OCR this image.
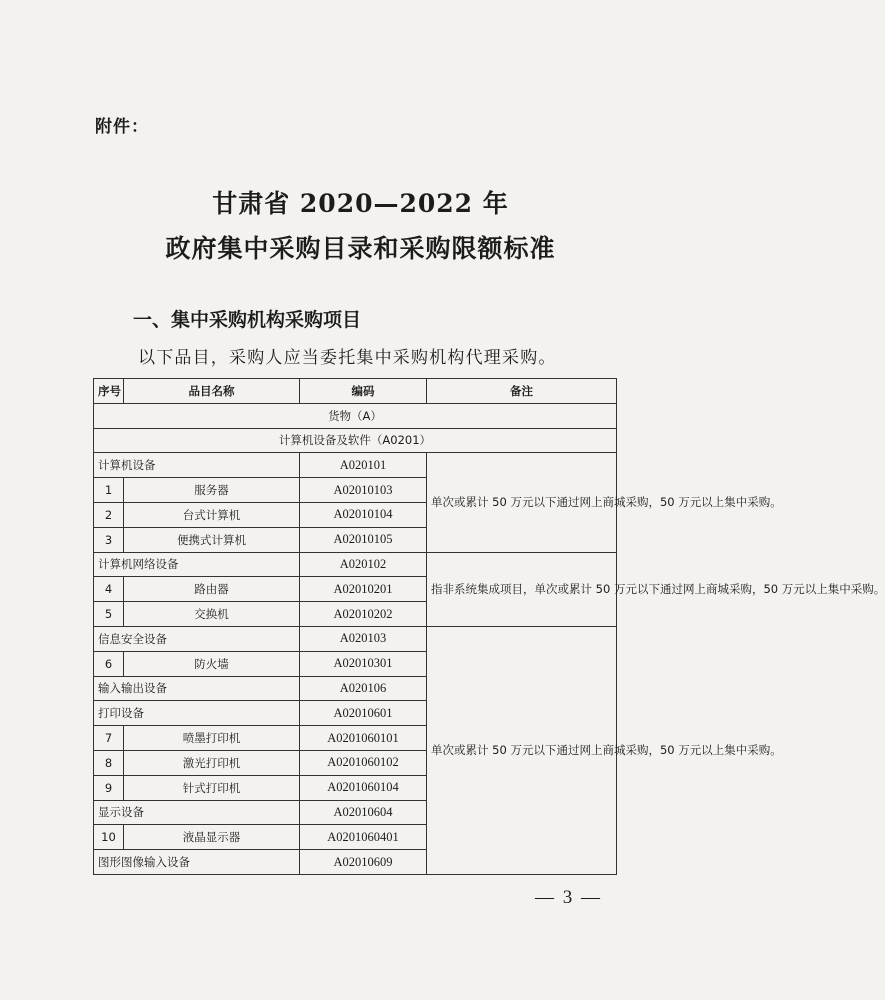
附件：
甘肃省 2020—2022 年
政府集中采购目录和采购限额标准
一、集中采购机构采购项目
以下品目，采购人应当委托集中采购机构代理采购。
序号	品目名称	编码	备注
货物（A）			
计算机设备及软件（A0201）			
计算机设备		A020101	单次或累计 50 万元以下通过网上商城采购，50 万元以上集中采购。
1	服务器	A02010103	
2	台式计算机	A02010104	
3	便携式计算机	A02010105	
计算机网络设备		A020102	指非系统集成项目，单次或累计 50 万元以下通过网上商城采购，50 万元以上集中采购。
4	路由器	A02010201	
5	交换机	A02010202	
信息安全设备		A020103	单次或累计 50 万元以下通过网上商城采购，50 万元以上集中采购。
6	防火墙	A02010301	
输入输出设备		A020106	
打印设备		A02010601	
7	喷墨打印机	A0201060101	
8	激光打印机	A0201060102	
9	针式打印机	A0201060104	
显示设备		A02010604	
10	液晶显示器	A0201060401	
图形图像输入设备		A02010609	
— 3 —
